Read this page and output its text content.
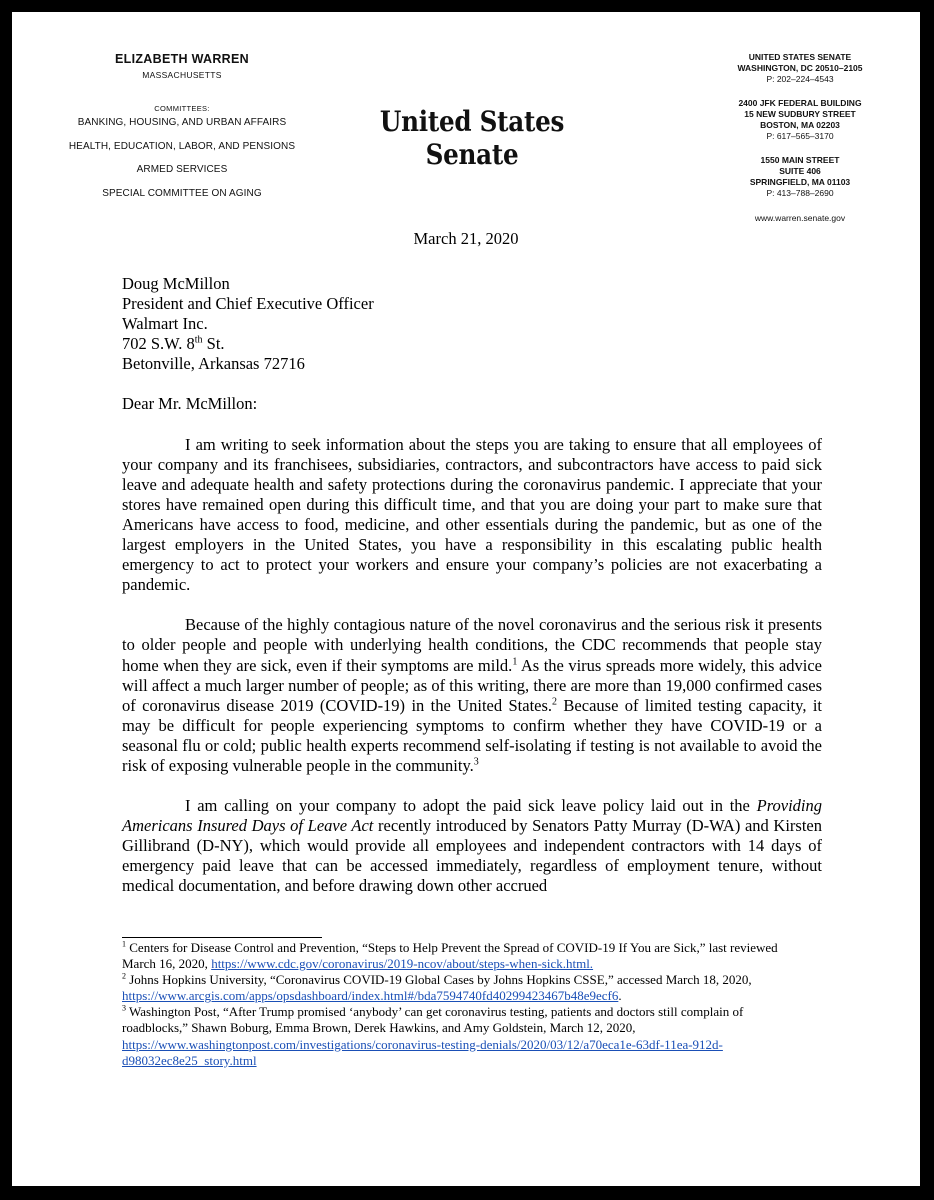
ELIZABETH WARREN
MASSACHUSETTS
COMMITTEES:
BANKING, HOUSING, AND URBAN AFFAIRS
HEALTH, EDUCATION, LABOR, AND PENSIONS
ARMED SERVICES
SPECIAL COMMITTEE ON AGING
United States Senate
UNITED STATES SENATE
WASHINGTON, DC 20510–2105
P: 202–224–4543
2400 JFK FEDERAL BUILDING
15 NEW SUDBURY STREET
BOSTON, MA 02203
P: 617–565–3170
1550 MAIN STREET
SUITE 406
SPRINGFIELD, MA 01103
P: 413–788–2690
www.warren.senate.gov
March 21, 2020
Doug McMillon
President and Chief Executive Officer
Walmart Inc.
702 S.W. 8th St.
Betonville, Arkansas 72716
Dear Mr. McMillon:
I am writing to seek information about the steps you are taking to ensure that all employees of your company and its franchisees, subsidiaries, contractors, and subcontractors have access to paid sick leave and adequate health and safety protections during the coronavirus pandemic. I appreciate that your stores have remained open during this difficult time, and that you are doing your part to make sure that Americans have access to food, medicine, and other essentials during the pandemic, but as one of the largest employers in the United States, you have a responsibility in this escalating public health emergency to act to protect your workers and ensure your company’s policies are not exacerbating a pandemic.
Because of the highly contagious nature of the novel coronavirus and the serious risk it presents to older people and people with underlying health conditions, the CDC recommends that people stay home when they are sick, even if their symptoms are mild.$^1$ As the virus spreads more widely, this advice will affect a much larger number of people; as of this writing, there are more than 19,000 confirmed cases of coronavirus disease 2019 (COVID-19) in the United States.$^2$ Because of limited testing capacity, it may be difficult for people experiencing symptoms to confirm whether they have COVID-19 or a seasonal flu or cold; public health experts recommend self-isolating if testing is not available to avoid the risk of exposing vulnerable people in the community.$^3$
I am calling on your company to adopt the paid sick leave policy laid out in the Providing Americans Insured Days of Leave Act recently introduced by Senators Patty Murray (D-WA) and Kirsten Gillibrand (D-NY), which would provide all employees and independent contractors with 14 days of emergency paid leave that can be accessed immediately, regardless of employment tenure, without medical documentation, and before drawing down other accrued
$^1$ Centers for Disease Control and Prevention, “Steps to Help Prevent the Spread of COVID-19 If You are Sick,” last reviewed March 16, 2020, https://www.cdc.gov/coronavirus/2019-ncov/about/steps-when-sick.html.
$^2$ Johns Hopkins University, “Coronavirus COVID-19 Global Cases by Johns Hopkins CSSE,” accessed March 18, 2020, https://www.arcgis.com/apps/opsdashboard/index.html#/bda7594740fd40299423467b48e9ecf6.
$^3$ Washington Post, “After Trump promised ‘anybody’ can get coronavirus testing, patients and doctors still complain of roadblocks,” Shawn Boburg, Emma Brown, Derek Hawkins, and Amy Goldstein, March 12, 2020, https://www.washingtonpost.com/investigations/coronavirus-testing-denials/2020/03/12/a70eca1e-63df-11ea-912d-d98032ec8e25_story.html
